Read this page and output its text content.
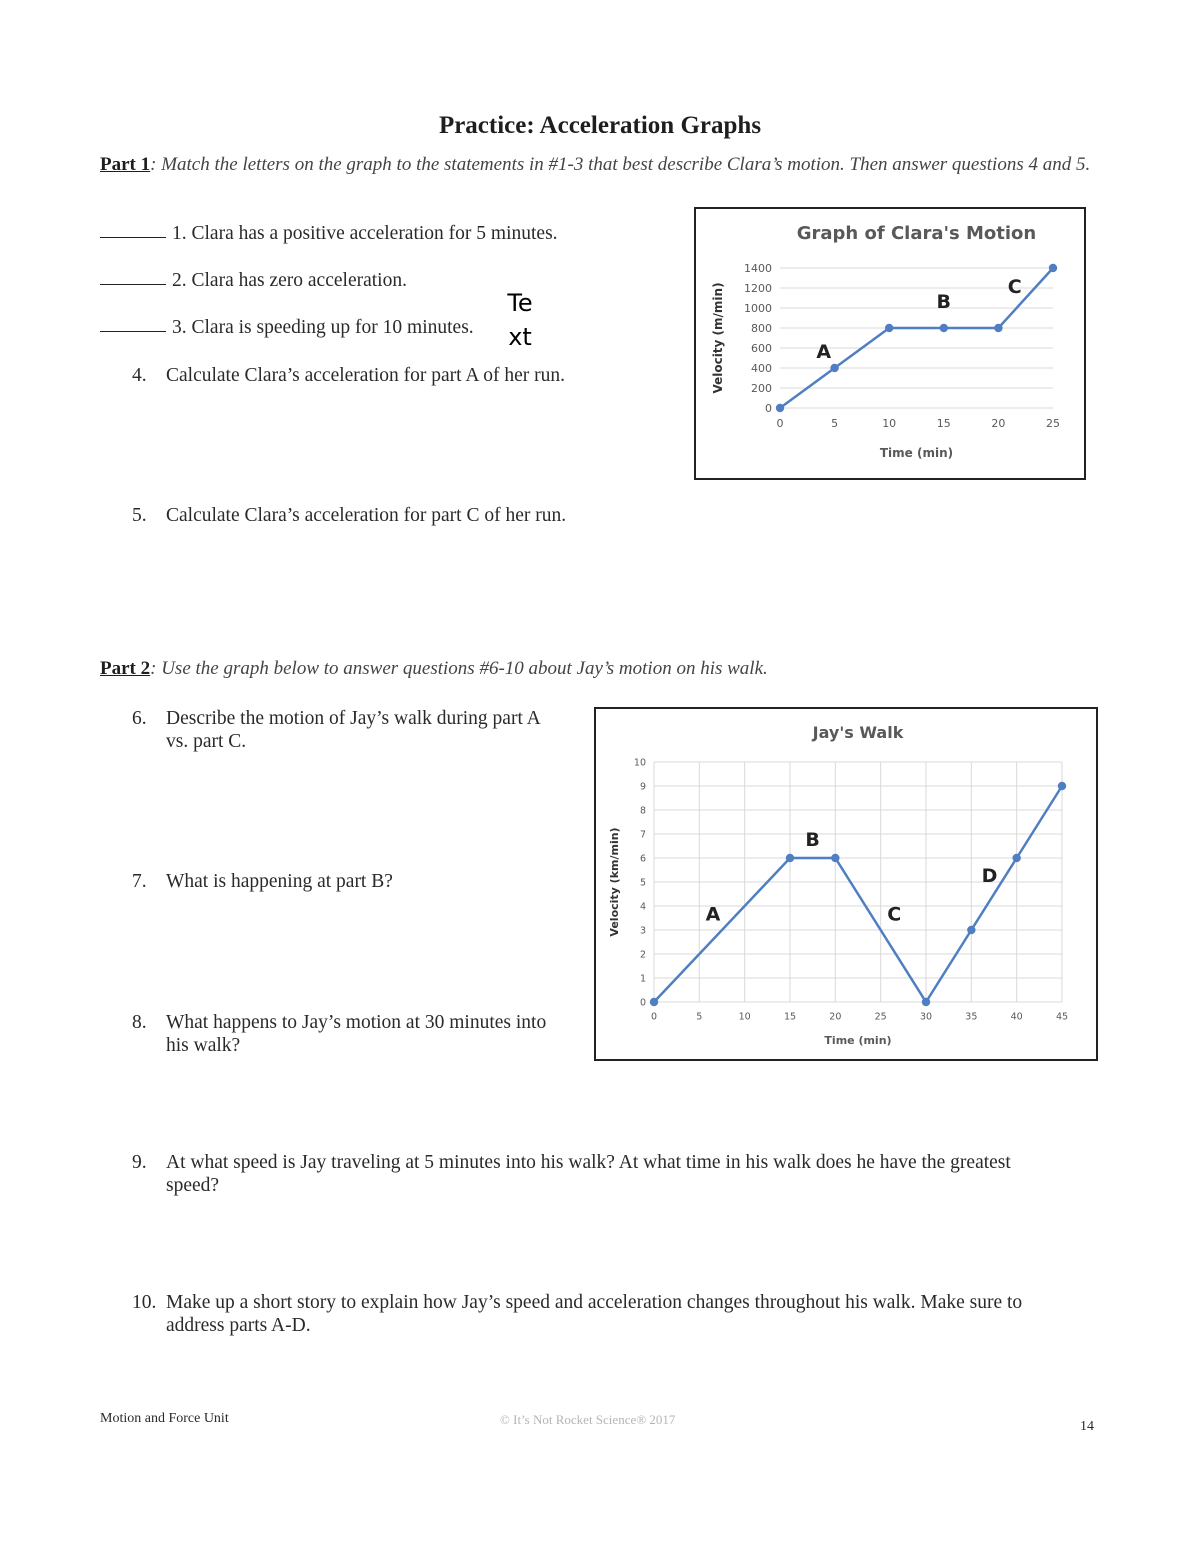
Practice: Acceleration Graphs
Part 1: Match the letters on the graph to the statements in #1-3 that best describe Clara’s motion. Then answer questions 4 and 5.
1. Clara has a positive acceleration for 5 minutes.
2. Clara has zero acceleration.
3. Clara is speeding up for 10 minutes.
Te xt
4. Calculate Clara’s acceleration for part A of her run.
5. Calculate Clara’s acceleration for part C of her run.
Graph of Clara's Motion
0
200
400
600
800
1000
1200
1400
0	5	10	15	20	25
Time (min)
Velocity (m/min)	A
B
C
Part 2: Use the graph below to answer questions #6-10 about Jay’s motion on his walk.
6. Describe the motion of Jay’s walk during part A vs. part C.
7. What is happening at part B?
8. What happens to Jay’s motion at 30 minutes into his walk?
9. At what speed is Jay traveling at 5 minutes into his walk? At what time in his walk does he have the greatest speed?
10. Make up a short story to explain how Jay’s speed and acceleration changes throughout his walk. Make sure to address parts A-D.
Jay's Walk
0
1
2
3
4
5
6
7
8
9
10
0	5	10	15	20	25	30	35	40	45
Time (min)
Velocity (km/min)	A
B
C
D
Motion and Force Unit	© It’s Not Rocket Science® 2017	14
